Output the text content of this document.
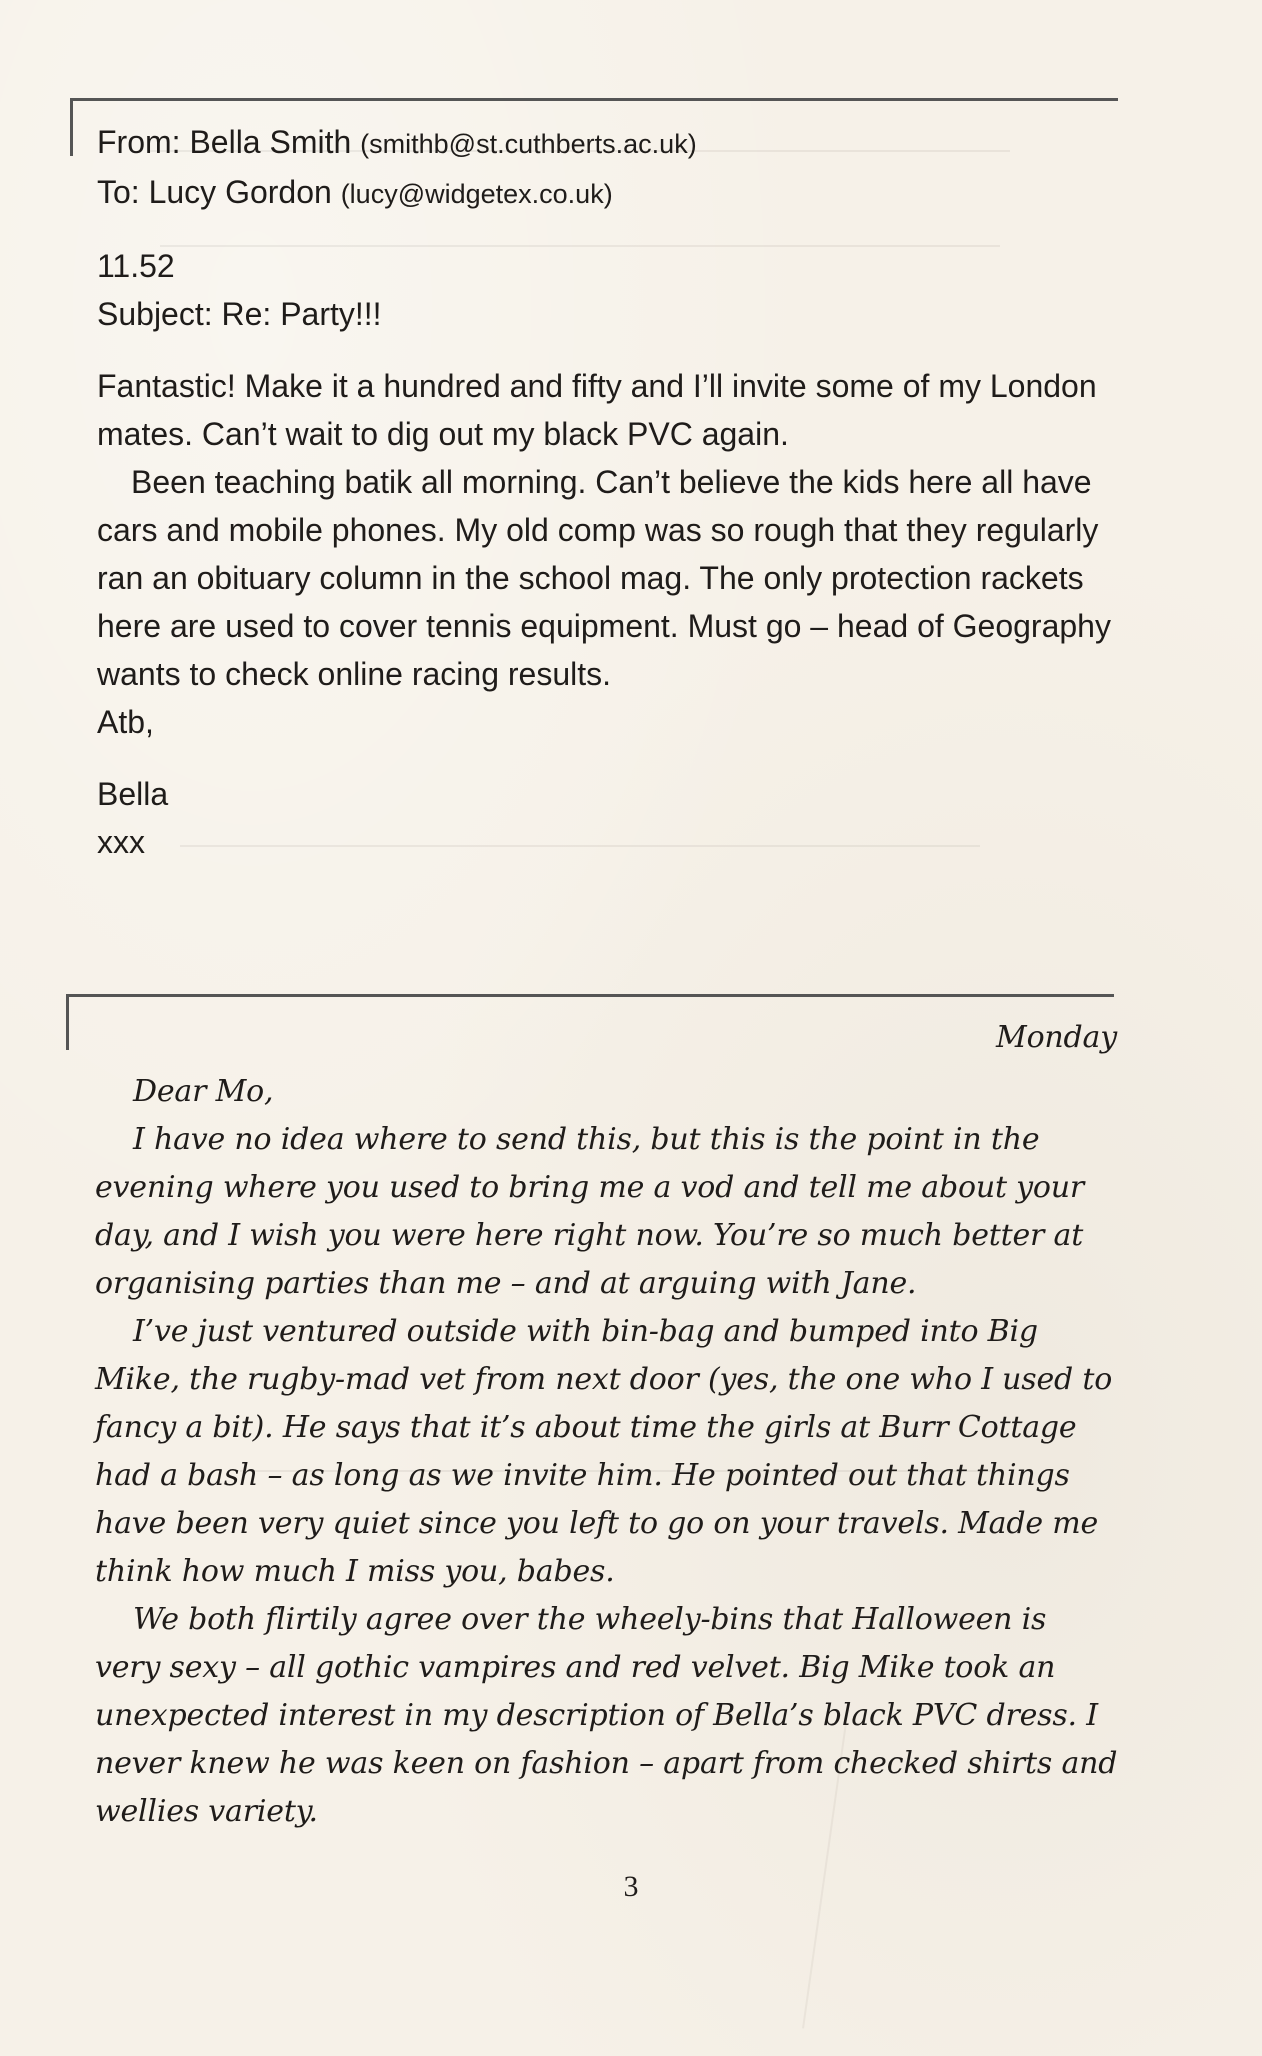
From: Bella Smith (smithb@st.cuthberts.ac.uk)

To: Lucy Gordon (lucy@widgetex.co.uk)

11.52

Subject: Re: Party!!!

Fantastic! Make it a hundred and fifty and I’ll invite some of my London mates. Can’t wait to dig out my black PVC again.

Been teaching batik all morning. Can’t believe the kids here all have cars and mobile phones. My old comp was so rough that they regularly ran an obituary column in the school mag. The only protection rackets here are used to cover tennis equipment. Must go – head of Geography wants to check online racing results.

Atb,

Bella

xxx

Monday

Dear Mo,

I have no idea where to send this, but this is the point in the evening where you used to bring me a vod and tell me about your day, and I wish you were here right now. You’re so much better at organising parties than me – and at arguing with Jane.

I’ve just ventured outside with bin-bag and bumped into Big Mike, the rugby-mad vet from next door (yes, the one who I used to fancy a bit). He says that it’s about time the girls at Burr Cottage had a bash – as long as we invite him. He pointed out that things have been very quiet since you left to go on your travels. Made me think how much I miss you, babes.

We both flirtily agree over the wheely-bins that Halloween is very sexy – all gothic vampires and red velvet. Big Mike took an unexpected interest in my description of Bella’s black PVC dress. I never knew he was keen on fashion – apart from checked shirts and wellies variety.

3
